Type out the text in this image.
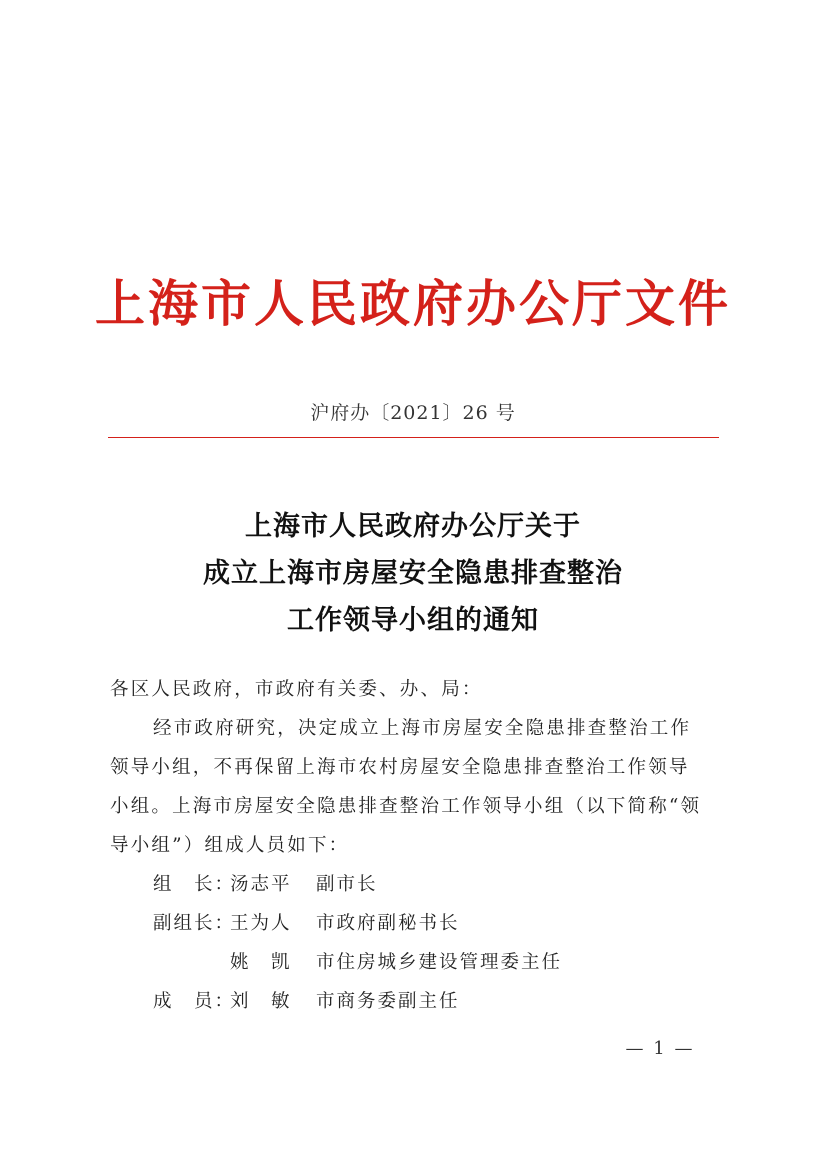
上海市人民政府办公厅文件
沪府办〔2021〕26 号
上海市人民政府办公厅关于
成立上海市房屋安全隐患排查整治
工作领导小组的通知
各区人民政府，市政府有关委、办、局：
经市政府研究，决定成立上海市房屋安全隐患排查整治工作
领导小组，不再保留上海市农村房屋安全隐患排查整治工作领导
小组。上海市房屋安全隐患排查整治工作领导小组（以下简称“领
导小组”）组成人员如下：
组　长：汤志平 副市长
副组长：王为人 市政府副秘书长
姚　凯 市住房城乡建设管理委主任
成　员：刘　敏 市商务委副主任
— 1 —
